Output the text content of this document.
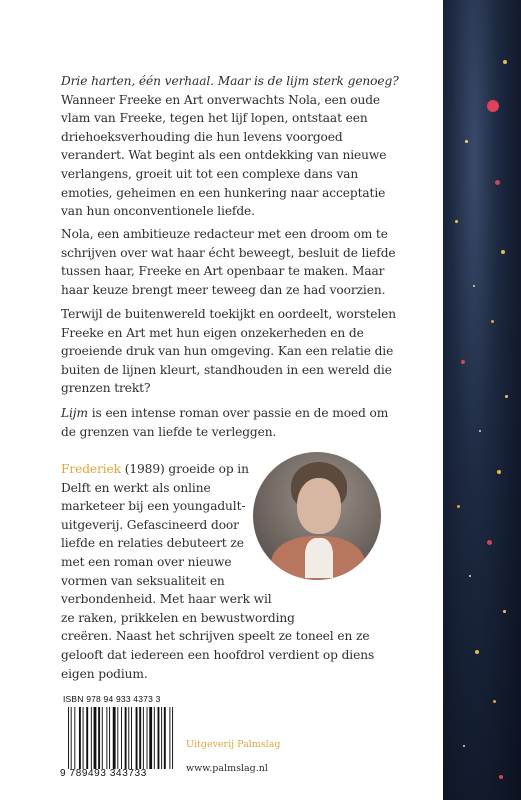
Drie harten, één verhaal. Maar is de lijm sterk genoeg?
Wanneer Freeke en Art onverwachts Nola, een oude
vlam van Freeke, tegen het lijf lopen, ontstaat een
driehoeksverhouding die hun levens voorgoed
verandert. Wat begint als een ontdekking van nieuwe
verlangens, groeit uit tot een complexe dans van
emoties, geheimen en een hunkering naar acceptatie
van hun onconventionele liefde.
Nola, een ambitieuze redacteur met een droom om te
schrijven over wat haar écht beweegt, besluit de liefde
tussen haar, Freeke en Art openbaar te maken. Maar
haar keuze brengt meer teweeg dan ze had voorzien.
Terwijl de buitenwereld toekijkt en oordeelt, worstelen
Freeke en Art met hun eigen onzekerheden en de
groeiende druk van hun omgeving. Kan een relatie die
buiten de lijnen kleurt, standhouden in een wereld die
grenzen trekt?
Lijm is een intense roman over passie en de moed om
de grenzen van liefde te verleggen.
Frederiek (1989) groeide op in
Delft en werkt als online
marketeer bij een youngadult-
uitgeverij. Gefascineerd door
liefde en relaties debuteert ze
met een roman over nieuwe
vormen van seksualiteit en
verbondenheid. Met haar werk wil
ze raken, prikkelen en bewustwording
creëren. Naast het schrijven speelt ze toneel en ze
gelooft dat iedereen een hoofdrol verdient op diens
eigen podium.
ISBN 978 94 933 4373 3
9 789493 343733
Uitgeverij Palmslag
www.palmslag.nl
